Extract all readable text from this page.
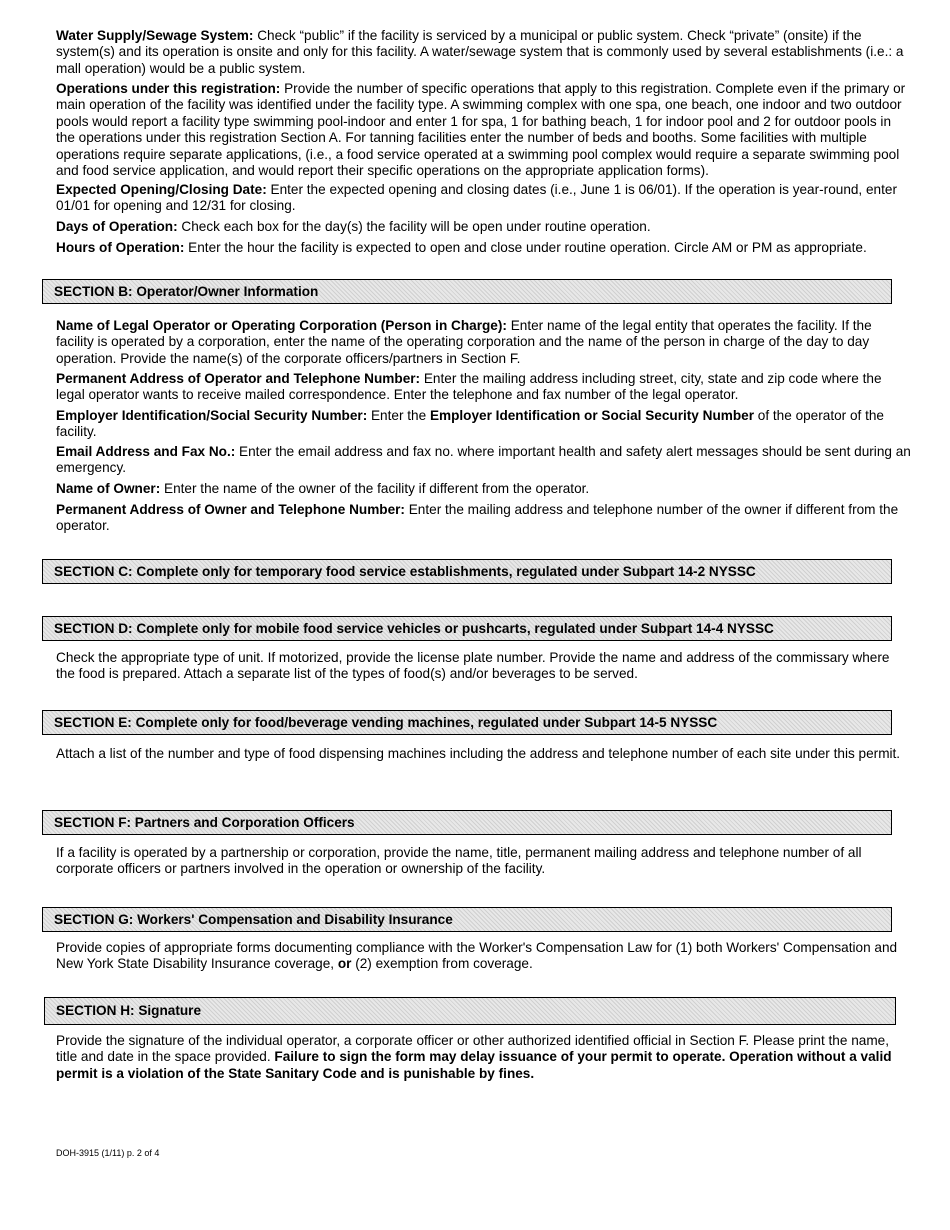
Water Supply/Sewage System: Check “public” if the facility is serviced by a municipal or public system. Check “private” (onsite) if the system(s) and its operation is onsite and only for this facility. A water/sewage system that is commonly used by several establishments (i.e.: a mall operation) would be a public system.

Operations under this registration: Provide the number of specific operations that apply to this registration. Complete even if the primary or main operation of the facility was identified under the facility type. A swimming complex with one spa, one beach, one indoor and two outdoor pools would report a facility type swimming pool-indoor and enter 1 for spa, 1 for bathing beach, 1 for indoor pool and 2 for outdoor pools in the operations under this registration Section A. For tanning facilities enter the number of beds and booths. Some facilities with multiple operations require separate applications, (i.e., a food service operated at a swimming pool complex would require a separate swimming pool and food service application, and would report their specific operations on the appropriate application forms).

Expected Opening/Closing Date: Enter the expected opening and closing dates (i.e., June 1 is 06/01). If the operation is year-round, enter 01/01 for opening and 12/31 for closing.

Days of Operation: Check each box for the day(s) the facility will be open under routine operation.

Hours of Operation: Enter the hour the facility is expected to open and close under routine operation. Circle AM or PM as appropriate.

SECTION B: Operator/Owner Information

Name of Legal Operator or Operating Corporation (Person in Charge): Enter name of the legal entity that operates the facility. If the facility is operated by a corporation, enter the name of the operating corporation and the name of the person in charge of the day to day operation. Provide the name(s) of the corporate officers/partners in Section F.

Permanent Address of Operator and Telephone Number: Enter the mailing address including street, city, state and zip code where the legal operator wants to receive mailed correspondence. Enter the telephone and fax number of the legal operator.

Employer Identification/Social Security Number: Enter the Employer Identification or Social Security Number of the operator of the facility.

Email Address and Fax No.: Enter the email address and fax no. where important health and safety alert messages should be sent during an emergency.

Name of Owner: Enter the name of the owner of the facility if different from the operator.

Permanent Address of Owner and Telephone Number: Enter the mailing address and telephone number of the owner if different from the operator.

SECTION C: Complete only for temporary food service establishments, regulated under Subpart 14-2 NYSSC
SECTION D: Complete only for mobile food service vehicles or pushcarts, regulated under Subpart 14-4 NYSSC

Check the appropriate type of unit. If motorized, provide the license plate number. Provide the name and address of the commissary where the food is prepared. Attach a separate list of the types of food(s) and/or beverages to be served.

SECTION E: Complete only for food/beverage vending machines, regulated under Subpart 14-5 NYSSC

Attach a list of the number and type of food dispensing machines including the address and telephone number of each site under this permit.

SECTION F: Partners and Corporation Officers

If a facility is operated by a partnership or corporation, provide the name, title, permanent mailing address and telephone number of all corporate officers or partners involved in the operation or ownership of the facility.

SECTION G: Workers' Compensation and Disability Insurance

Provide copies of appropriate forms documenting compliance with the Worker's Compensation Law for (1) both Workers' Compensation and New York State Disability Insurance coverage, or (2) exemption from coverage.

SECTION H: Signature

Provide the signature of the individual operator, a corporate officer or other authorized identified official in Section F. Please print the name, title and date in the space provided. Failure to sign the form may delay issuance of your permit to operate. Operation without a valid permit is a violation of the State Sanitary Code and is punishable by fines.

DOH-3915 (1/11) p. 2 of 4
